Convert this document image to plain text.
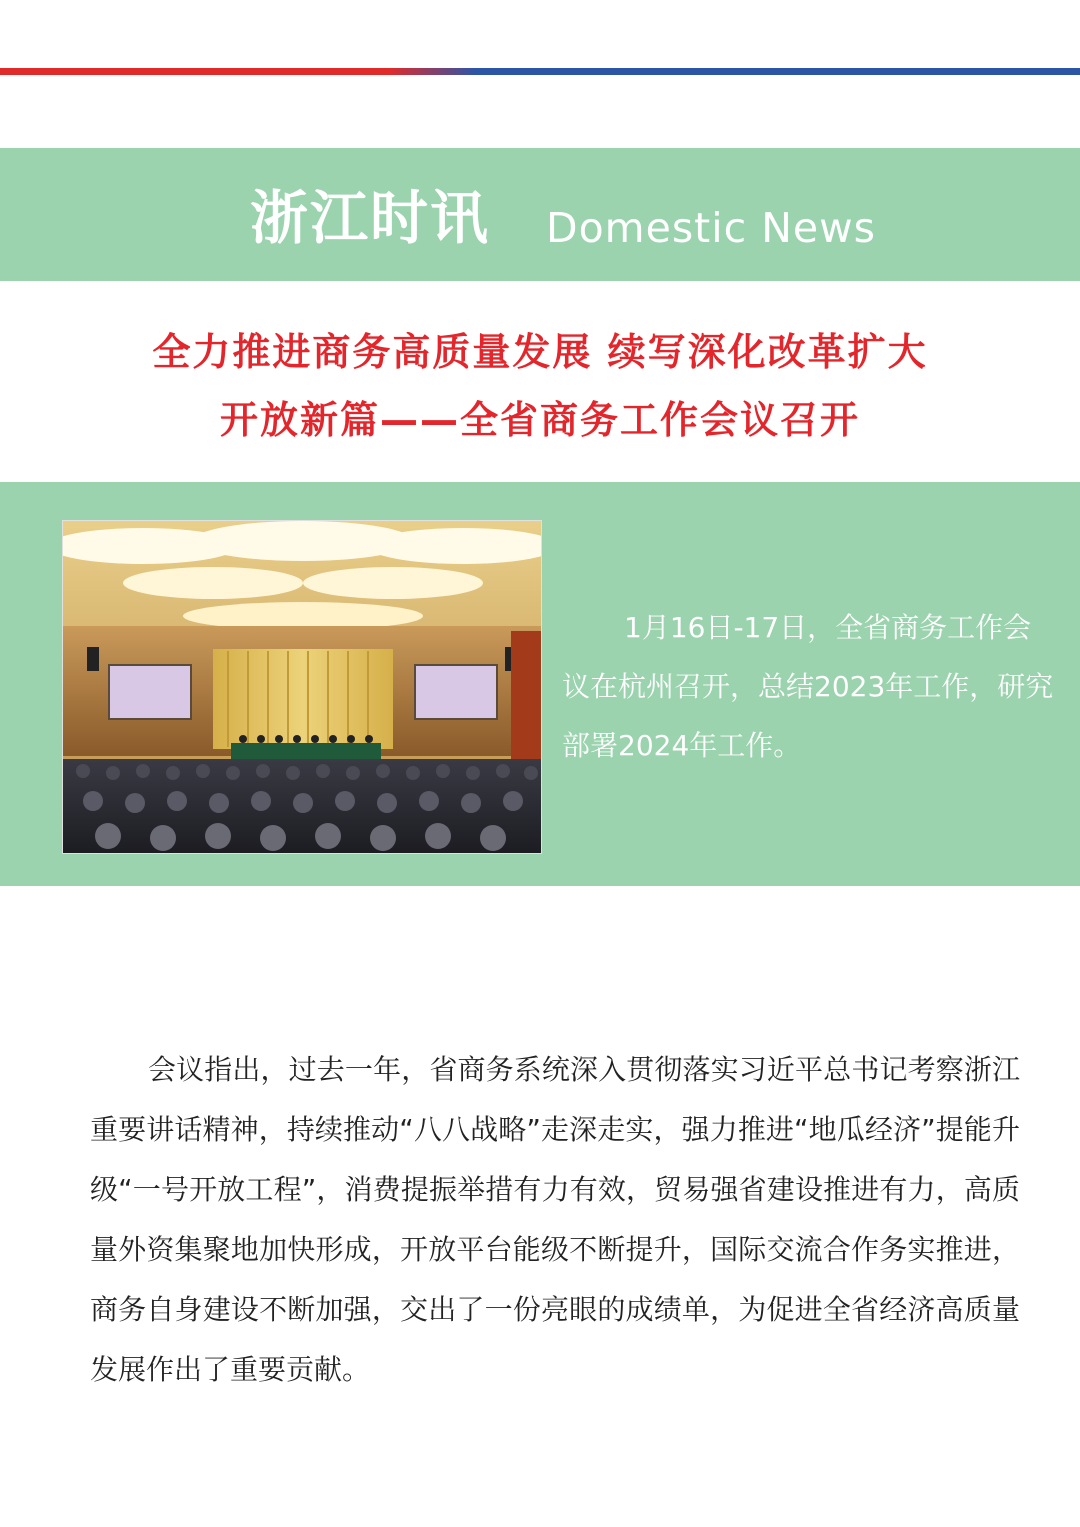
浙江时讯 Domestic News
全力推进商务高质量发展 续写深化改革扩大
开放新篇——全省商务工作会议召开
1月16日-17日，全省商务工作会议在杭州召开，总结2023年工作，研究部署2024年工作。
会议指出，过去一年，省商务系统深入贯彻落实习近平总书记考察浙江重要讲话精神，持续推动“八八战略”走深走实，强力推进“地瓜经济”提能升级“一号开放工程”，消费提振举措有力有效，贸易强省建设推进有力，高质量外资集聚地加快形成，开放平台能级不断提升，国际交流合作务实推进，商务自身建设不断加强，交出了一份亮眼的成绩单，为促进全省经济高质量发展作出了重要贡献。
